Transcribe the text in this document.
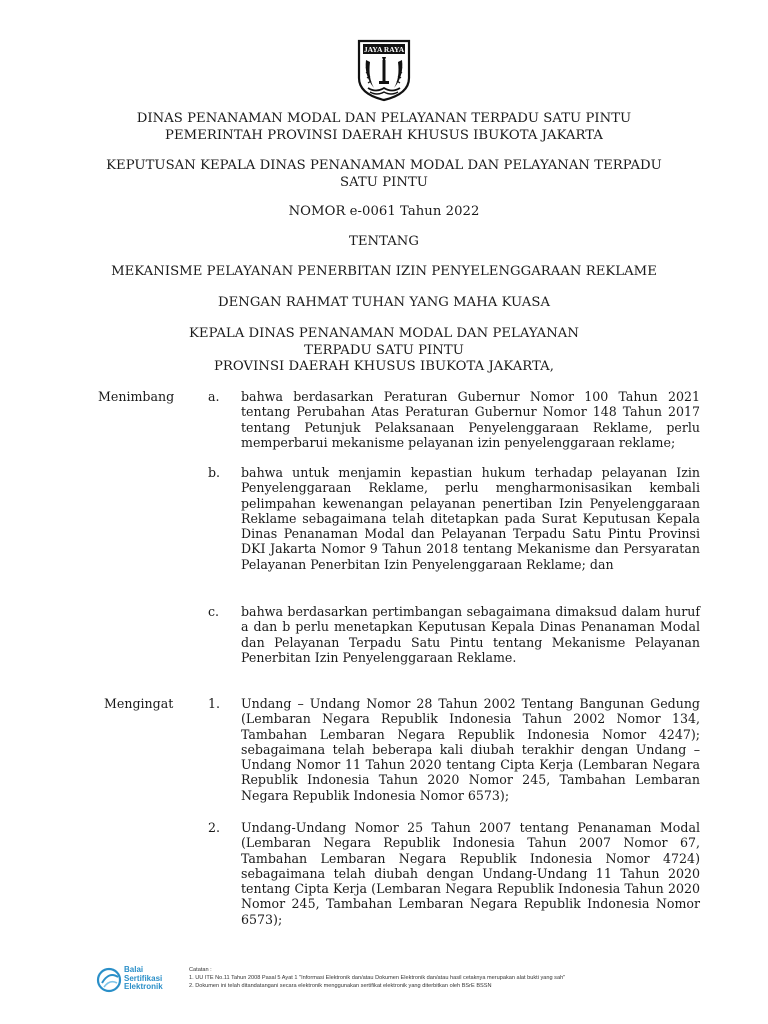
JAYA RAYA
DINAS PENANAMAN MODAL DAN PELAYANAN TERPADU SATU PINTU
PEMERINTAH PROVINSI DAERAH KHUSUS IBUKOTA JAKARTA
KEPUTUSAN KEPALA DINAS PENANAMAN MODAL DAN PELAYANAN TERPADU
SATU PINTU
NOMOR e-0061 Tahun 2022
TENTANG
MEKANISME PELAYANAN PENERBITAN IZIN PENYELENGGARAAN REKLAME
DENGAN RAHMAT TUHAN YANG MAHA KUASA
KEPALA DINAS PENANAMAN MODAL DAN PELAYANAN
TERPADU SATU PINTU
PROVINSI DAERAH KHUSUS IBUKOTA JAKARTA,
Menimbang	a. bahwa berdasarkan Peraturan Gubernur Nomor 100 Tahun 2021 tentang Perubahan Atas Peraturan Gubernur Nomor 148 Tahun 2017 tentang Petunjuk Pelaksanaan Penyelenggaraan Reklame, perlu memperbarui mekanisme pelayanan izin penyelenggaraan reklame;
b. bahwa untuk menjamin kepastian hukum terhadap pelayanan Izin Penyelenggaraan Reklame, perlu mengharmonisasikan kembali pelimpahan kewenangan pelayanan penertiban Izin Penyelenggaraan Reklame sebagaimana telah ditetapkan pada Surat Keputusan Kepala Dinas Penanaman Modal dan Pelayanan Terpadu Satu Pintu Provinsi DKI Jakarta Nomor 9 Tahun 2018 tentang Mekanisme dan Persyaratan Pelayanan Penerbitan Izin Penyelenggaraan Reklame; dan
c. bahwa berdasarkan pertimbangan sebagaimana dimaksud dalam huruf a dan b perlu menetapkan Keputusan Kepala Dinas Penanaman Modal dan Pelayanan Terpadu Satu Pintu tentang Mekanisme Pelayanan Penerbitan Izin Penyelenggaraan Reklame.
Mengingat	1. Undang – Undang Nomor 28 Tahun 2002 Tentang Bangunan Gedung (Lembaran Negara Republik Indonesia Tahun 2002 Nomor 134, Tambahan Lembaran Negara Republik Indonesia Nomor 4247); sebagaimana telah beberapa kali diubah terakhir dengan Undang – Undang Nomor 11 Tahun 2020 tentang Cipta Kerja (Lembaran Negara Republik Indonesia Tahun 2020 Nomor 245, Tambahan Lembaran Negara Republik Indonesia Nomor 6573);
2. Undang-Undang Nomor 25 Tahun 2007 tentang Penanaman Modal (Lembaran Negara Republik Indonesia Tahun 2007 Nomor 67, Tambahan Lembaran Negara Republik Indonesia Nomor 4724) sebagaimana telah diubah dengan Undang-Undang 11 Tahun 2020 tentang Cipta Kerja (Lembaran Negara Republik Indonesia Tahun 2020 Nomor 245, Tambahan Lembaran Negara Republik Indonesia Nomor 6573);
Balai
Sertifikasi
Elektronik
Catatan :
1. UU ITE No.11 Tahun 2008 Pasal 5 Ayat 1 "Informasi Elektronik dan/atau Dokumen Elektronik dan/atau hasil cetaknya merupakan alat bukti yang sah"
2. Dokumen ini telah ditandatangani secara elektronik menggunakan sertifikat elektronik yang diterbitkan oleh BSrE BSSN
